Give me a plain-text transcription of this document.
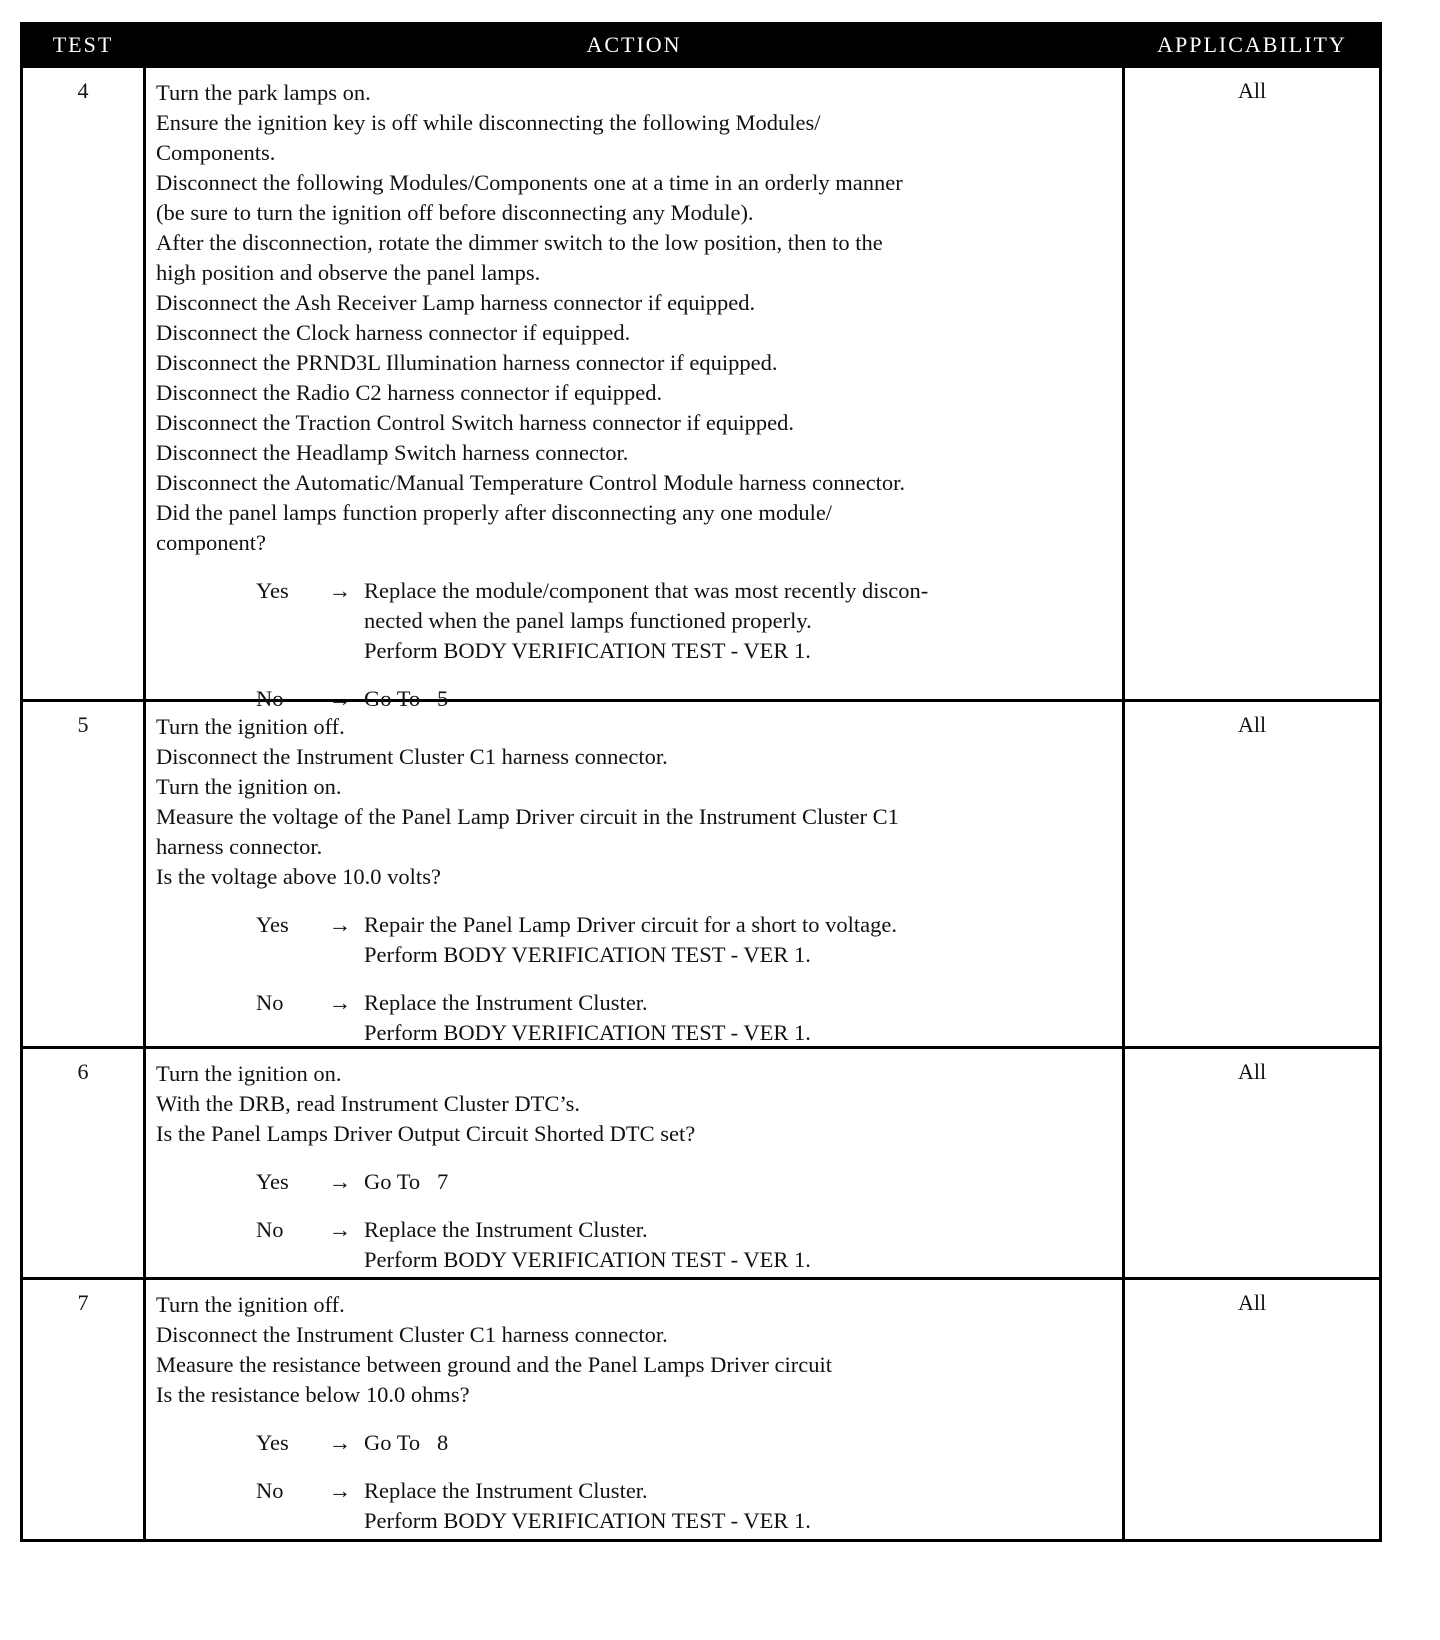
TEST	ACTION	APPLICABILITY
4	Turn the park lamps on.
Ensure the ignition key is off while disconnecting the following Modules/
Components.
Disconnect the following Modules/Components one at a time in an orderly manner
(be sure to turn the ignition off before disconnecting any Module).
After the disconnection, rotate the dimmer switch to the low position, then to the
high position and observe the panel lamps.
Disconnect the Ash Receiver Lamp harness connector if equipped.
Disconnect the Clock harness connector if equipped.
Disconnect the PRND3L Illumination harness connector if equipped.
Disconnect the Radio C2 harness connector if equipped.
Disconnect the Traction Control Switch harness connector if equipped.
Disconnect the Headlamp Switch harness connector.
Disconnect the Automatic/Manual Temperature Control Module harness connector.
Did the panel lamps function properly after disconnecting any one module/
component?
Yes	→ Replace the module/component that was most recently discon-
nected when the panel lamps functioned properly.
Perform BODY VERIFICATION TEST - VER 1.
No	→ Go To   5
All
5	Turn the ignition off.
Disconnect the Instrument Cluster C1 harness connector.
Turn the ignition on.
Measure the voltage of the Panel Lamp Driver circuit in the Instrument Cluster C1
harness connector.
Is the voltage above 10.0 volts?
Yes	→ Repair the Panel Lamp Driver circuit for a short to voltage.
Perform BODY VERIFICATION TEST - VER 1.
No	→ Replace the Instrument Cluster.
Perform BODY VERIFICATION TEST - VER 1.
All
6	Turn the ignition on.
With the DRB, read Instrument Cluster DTC’s.
Is the Panel Lamps Driver Output Circuit Shorted DTC set?
Yes	→ Go To   7
No	→ Replace the Instrument Cluster.
Perform BODY VERIFICATION TEST - VER 1.
All
7	Turn the ignition off.
Disconnect the Instrument Cluster C1 harness connector.
Measure the resistance between ground and the Panel Lamps Driver circuit
Is the resistance below 10.0 ohms?
Yes	→ Go To   8
No	→ Replace the Instrument Cluster.
Perform BODY VERIFICATION TEST - VER 1.
All
